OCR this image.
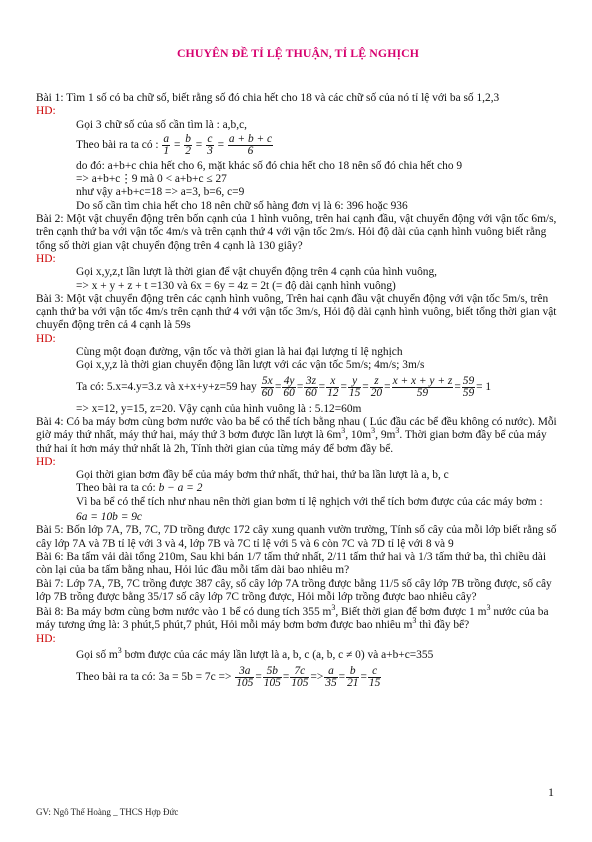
CHUYÊN ĐỀ TỈ LỆ THUẬN, TỈ LỆ NGHỊCH

Bài 1: Tìm 1 số có ba chữ số, biết rằng số đó chia hết cho 18 và các chữ số của nó tỉ lệ với ba số 1,2,3

HD:

Gọi 3 chữ số của số cần tìm là : a,b,c,

Theo bài ra ta có :
$\frac{a}{1} = \frac{b}{2} = \frac{c}{3} = \frac{a + b + c}{6}$

do đó: a+b+c chia hết cho 6, mặt khác số đó chia hết cho 18 nên số đó chia hết cho 9

=> a+b+c⋮9 mà 0 < a+b+c ≤ 27

như vậy a+b+c=18 => a=3, b=6, c=9

Do số cần tìm chia hết cho 18 nên chữ số hàng đơn vị là 6: 396 hoặc 936

Bài 2: Một vật chuyển động trên bốn cạnh của 1 hình vuông, trên hai cạnh đầu, vật chuyển động với vận tốc 6m/s, trên cạnh thứ ba với vận tốc 4m/s và trên cạnh thứ 4 với vận tốc 2m/s. Hỏi độ dài của cạnh hình vuông biết rằng tổng số thời gian vật chuyển động trên 4 cạnh là 130 giây?

HD:

Gọi x,y,z,t lần lượt là thời gian để vật chuyển động trên 4 cạnh của hình vuông,

=> x + y + z + t =130 và 6x = 6y = 4z = 2t (= độ dài cạnh hình vuông)

Bài 3: Một vật chuyển động trên các cạnh hình vuông, Trên hai cạnh đầu vật chuyển động với vận tốc 5m/s, trên cạnh thứ ba với vận tốc 4m/s trên cạnh thứ 4 với vận tốc 3m/s, Hỏi độ dài cạnh hình vuông, biết tổng thời gian vật chuyển động trên cả 4 cạnh là 59s

HD:

Cùng một đoạn đường, vận tốc và thời gian là hai đại lượng tỉ lệ nghịch

Gọi x,y,z là thời gian chuyển động lần lượt với các vận tốc 5m/s; 4m/s; 3m/s

Ta có: 5.x=4.y=3.z và x+x+y+z=59 hay
$\frac{5x}{60} = \frac{4y}{60} = \frac{3z}{60} = \frac{x}{12} = \frac{y}{15} = \frac{z}{20} = \frac{x + x + y + z}{59} = \frac{59}{59} = 1$

=> x=12, y=15, z=20. Vậy cạnh của hình vuông là : 5.12=60m

Bài 4: Có ba máy bơm cùng bơm nước vào ba bể có thể tích bằng nhau ( Lúc đầu các bể đều không có nước). Mỗi giờ máy thứ nhất, máy thứ hai, máy thứ 3 bơm được lần lượt là $6m^3$, $10m^3$, $9m^3$. Thời gian bơm đầy bể của máy thứ hai ít hơn máy thứ nhất là 2h, Tính thời gian của từng máy để bơm đầy bể.

HD:

Gọi thời gian bơm đầy bể của máy bơm thứ nhất, thứ hai, thứ ba lần lượt là a, b, c

Theo bài ra ta có: b − a = 2

Vì ba bể có thể tích như nhau nên thời gian bơm tỉ lệ nghịch với thể tích bơm được của các máy bơm :

6a = 10b = 9c

Bài 5: Bốn lớp 7A, 7B, 7C, 7D trồng được 172 cây xung quanh vườn trường, Tính số cây của mỗi lớp biết rằng số cây lớp 7A và 7B tỉ lệ với 3 và 4, lớp 7B và 7C tỉ lệ với 5 và 6 còn 7C và 7D tỉ lệ với 8 và 9

Bài 6: Ba tấm vải dài tổng 210m, Sau khi bán 1/7 tấm thứ nhất, 2/11 tấm thứ hai và 1/3 tấm thứ ba, thì chiều dài còn lại của ba tấm bằng nhau, Hỏi lúc đầu mỗi tấm dài bao nhiêu m?

Bài 7: Lớp 7A, 7B, 7C trồng được 387 cây, số cây lớp 7A trồng được bằng 11/5 số cây lớp 7B trồng được, số cây lớp 7B trồng được bằng 35/17 số cây lớp 7C trồng được, Hỏi mỗi lớp trồng được bao nhiêu cây?

Bài 8: Ba máy bơm cùng bơm nước vào 1 bể có dung tích 355 $m^3$, Biết thời gian để bơm được 1 $m^3$ nước của ba máy tương ứng là: 3 phút,5 phút,7 phút, Hỏi mỗi máy bơm bơm được bao nhiêu $m^3$ thì đầy bể?

HD:

Gọi số $m^3$ bơm được của các máy lần lượt là a, b, c (a, b, c ≠ 0) và a+b+c=355

Theo bài ra ta có: 3a = 5b = 7c =>
$\frac{3a}{105} = \frac{5b}{105} = \frac{7c}{105} => \frac{a}{35} = \frac{b}{21} = \frac{c}{15}$
1
GV: Ngô Thế Hoàng _ THCS Hợp Đức
